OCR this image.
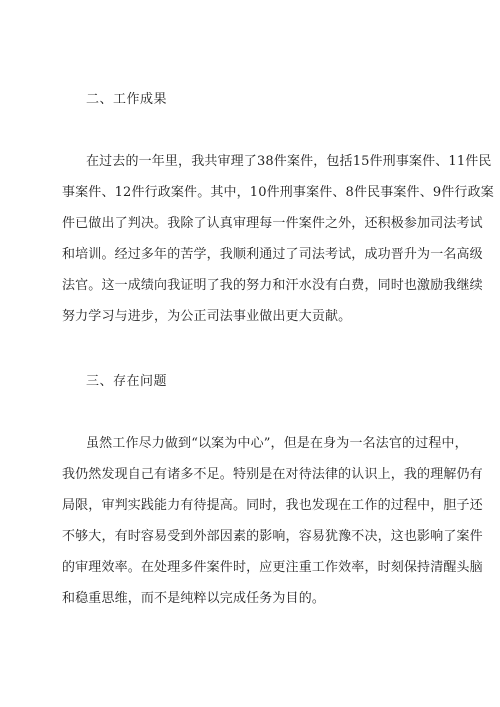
二、工作成果
在过去的一年里，我共审理了38件案件，包括15件刑事案件、11件民
事案件、12件行政案件。其中，10件刑事案件、8件民事案件、9件行政案
件已做出了判决。我除了认真审理每一件案件之外，还积极参加司法考试
和培训。经过多年的苦学，我顺利通过了司法考试，成功晋升为一名高级
法官。这一成绩向我证明了我的努力和汗水没有白费，同时也激励我继续
努力学习与进步，为公正司法事业做出更大贡献。
三、存在问题
虽然工作尽力做到“以案为中心”，但是在身为一名法官的过程中，
我仍然发现自己有诸多不足。特别是在对待法律的认识上，我的理解仍有
局限，审判实践能力有待提高。同时，我也发现在工作的过程中，胆子还
不够大，有时容易受到外部因素的影响，容易犹豫不决，这也影响了案件
的审理效率。在处理多件案件时，应更注重工作效率，时刻保持清醒头脑
和稳重思维，而不是纯粹以完成任务为目的。
